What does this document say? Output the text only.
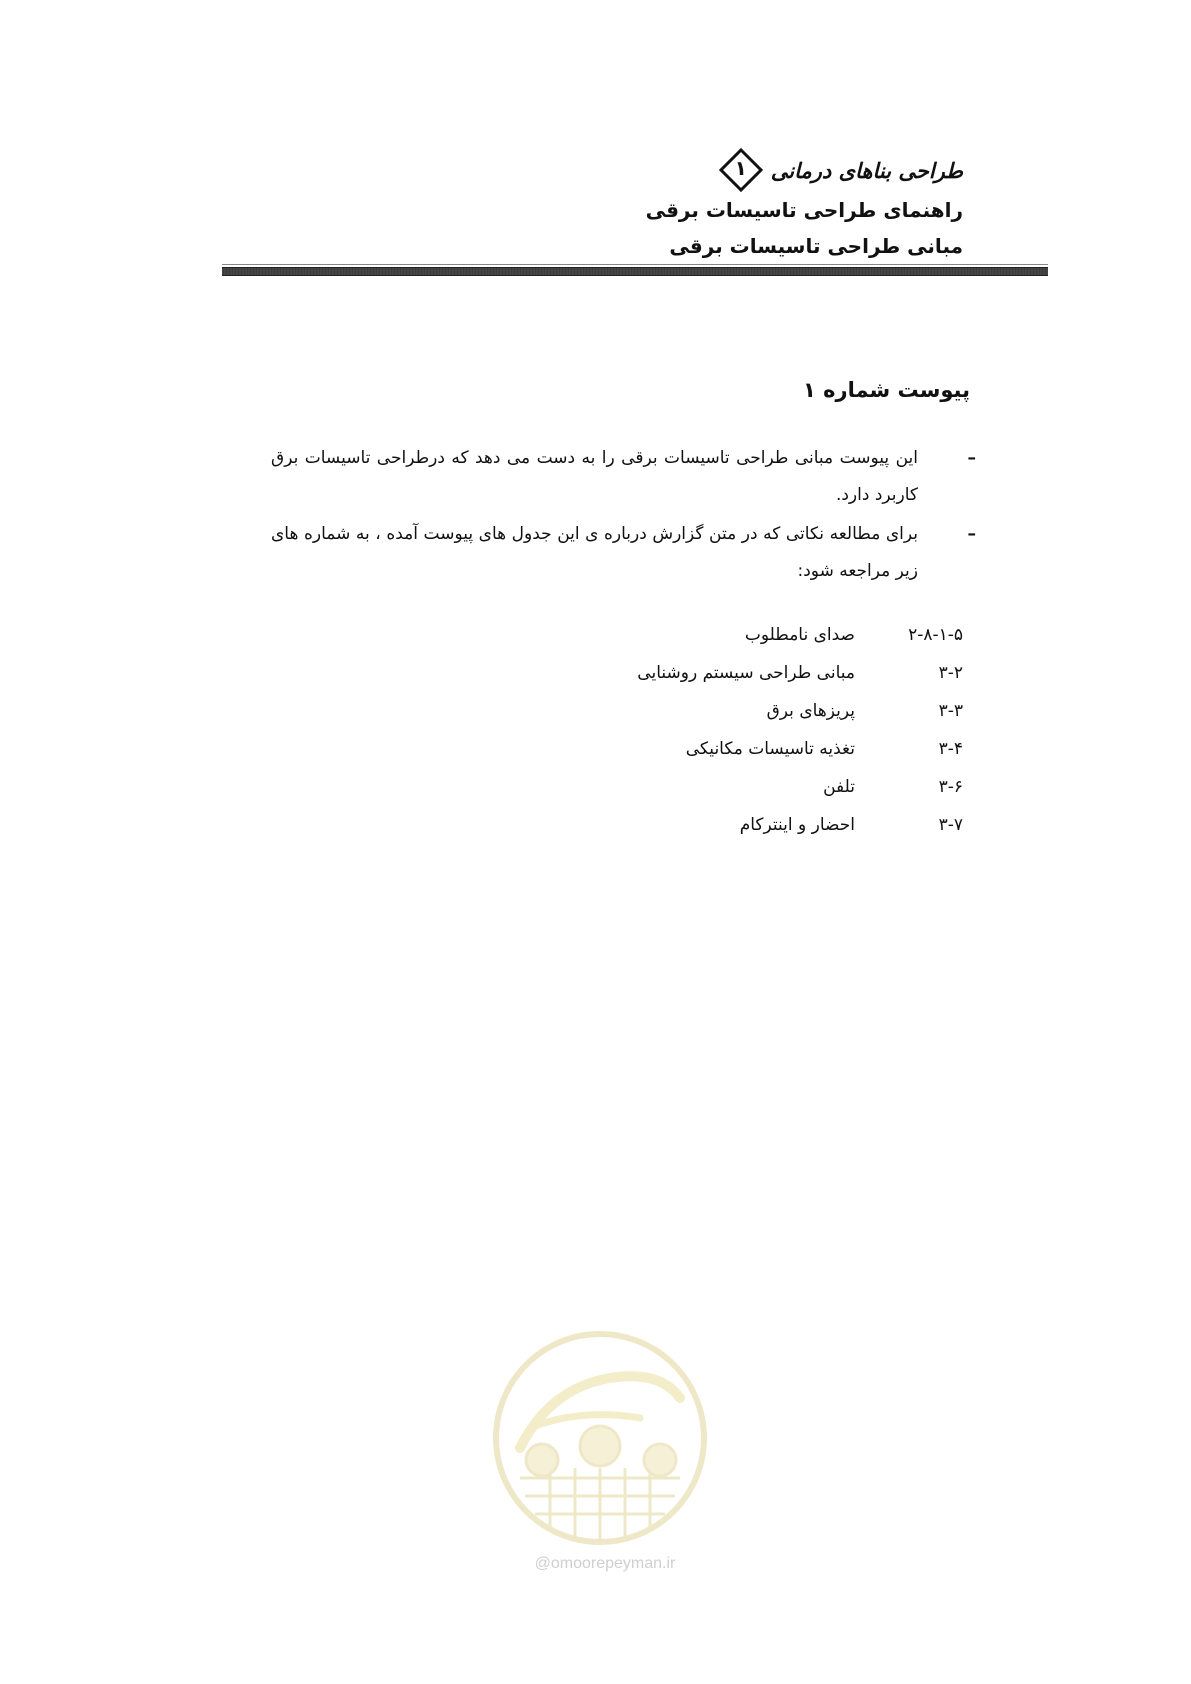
طراحی بناهای درمانی
۱
راهنمای طراحی تاسیسات برقی
مبانی طراحی تاسیسات برقی
پیوست شماره ۱
–
این پیوست مبانی طراحی تاسیسات برقی را به دست می دهد که درطراحی تاسیسات برق کاربرد دارد.
–
برای مطالعه نکاتی که در متن گزارش درباره ی این جدول های پیوست آمده ، به شماره های زیر مراجعه شود:
۲-۸-۱-۵
صدای نامطلوب
۳-۲
مبانی طراحی سیستم روشنایی
۳-۳
پریزهای برق
۳-۴
تغذیه تاسیسات مکانیکی
۳-۶
تلفن
۳-۷
احضار و اینترکام
@omoorepeyman.ir
